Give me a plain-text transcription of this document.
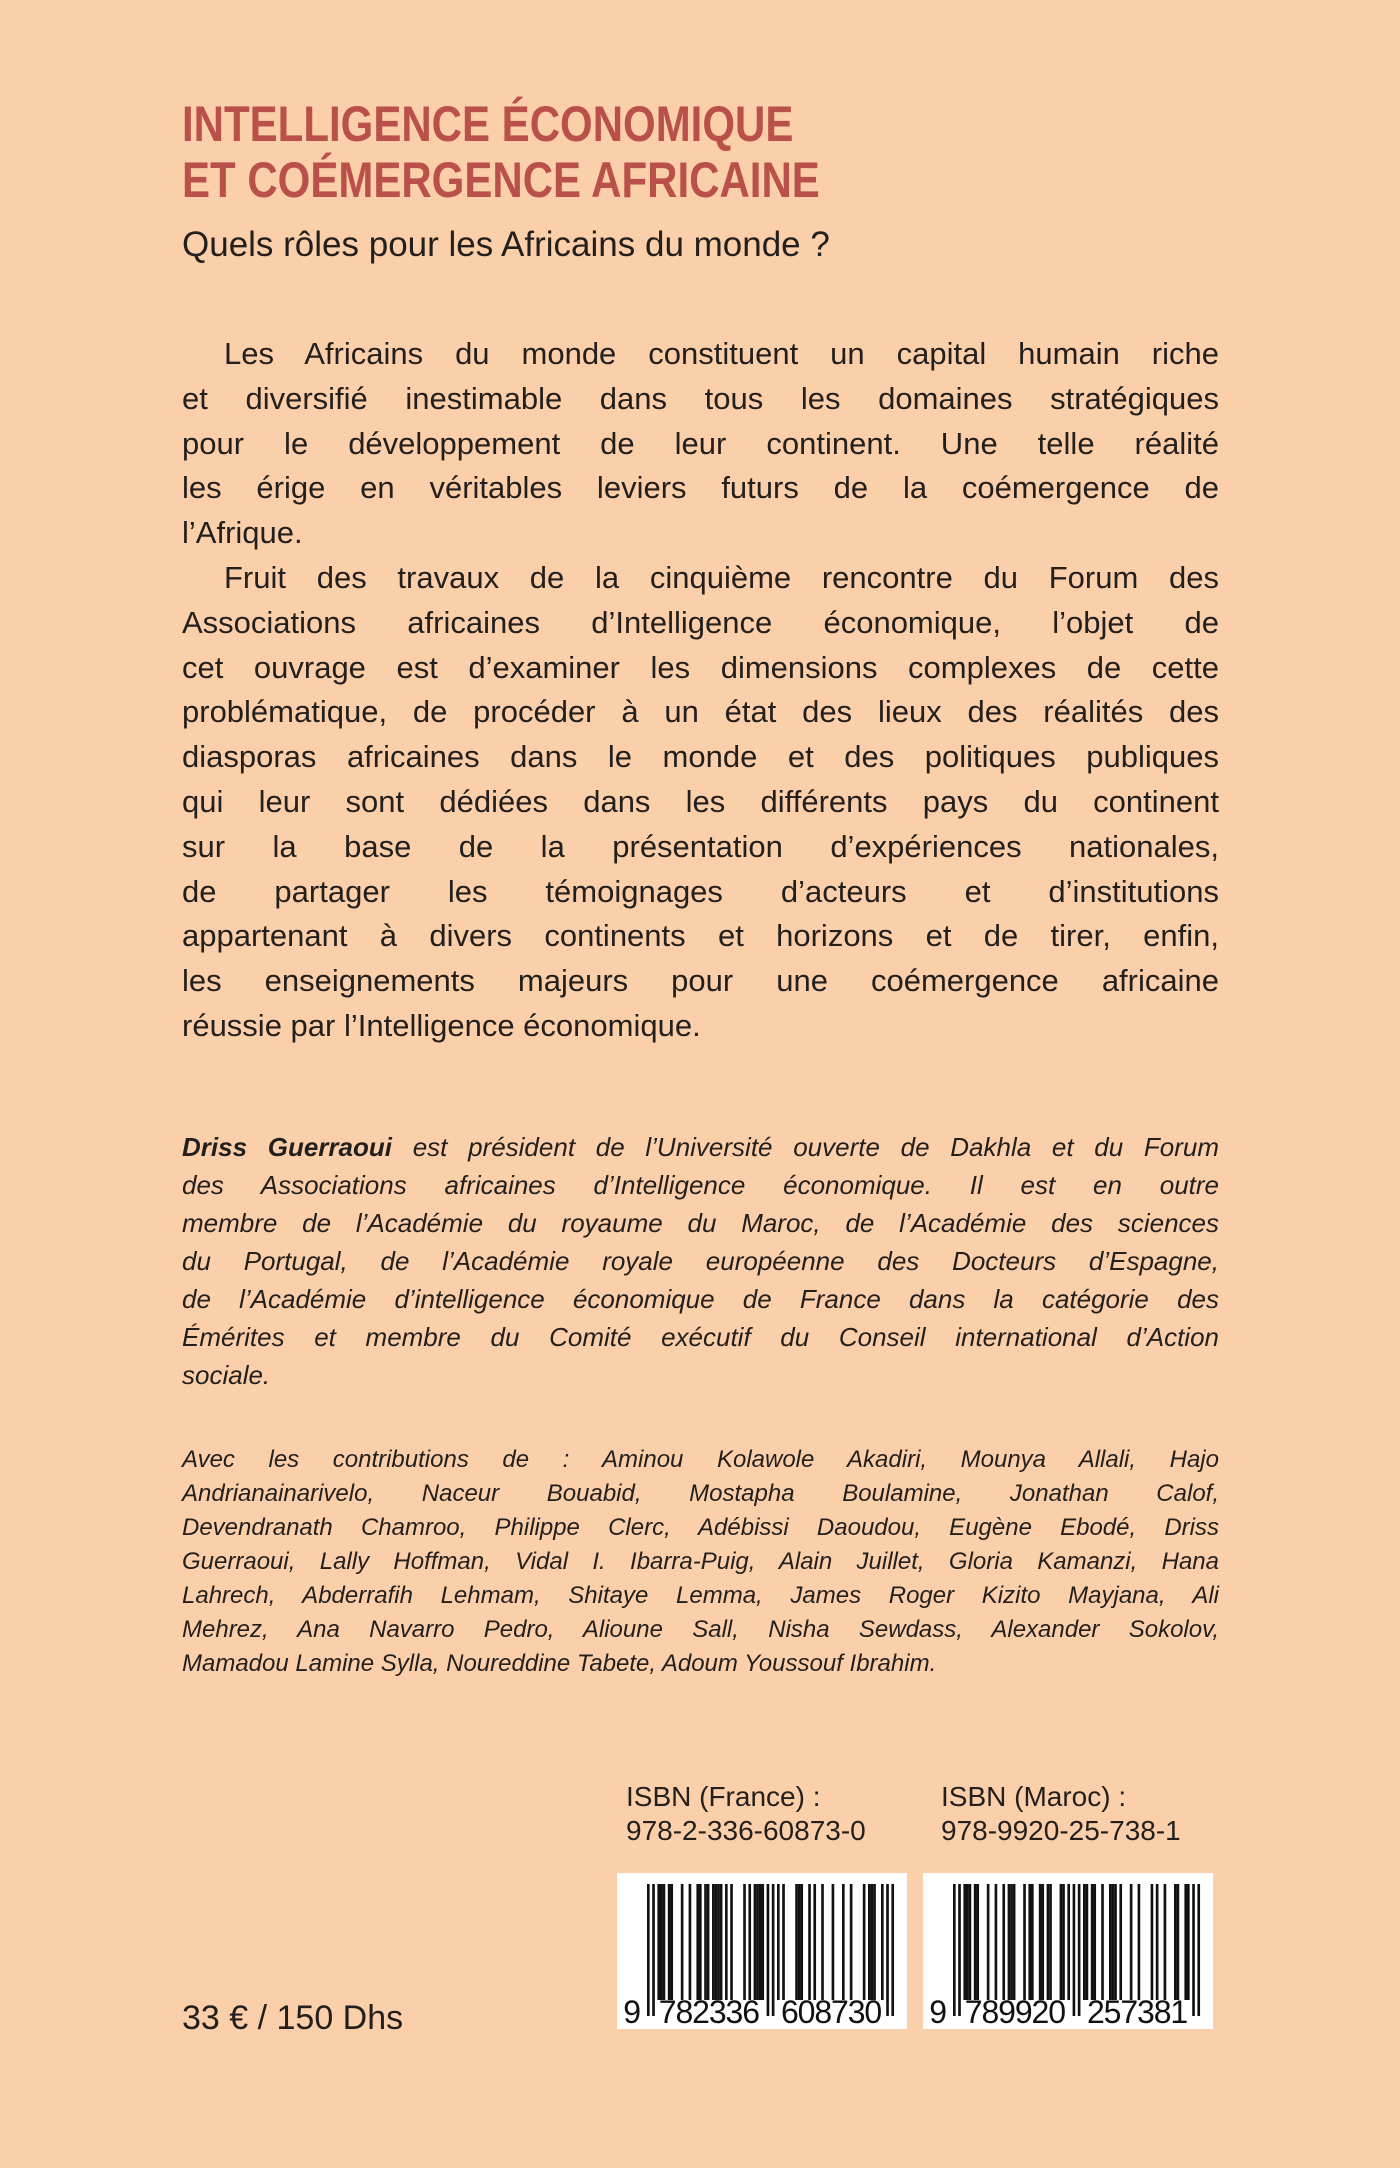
INTELLIGENCE ÉCONOMIQUE
ET COÉMERGENCE AFRICAINE
Quels rôles pour les Africains du monde ?
Les Africains du monde constituent un capital humain riche
et diversifié inestimable dans tous les domaines stratégiques
pour le développement de leur continent. Une telle réalité
les érige en véritables leviers futurs de la coémergence de
l’Afrique.
Fruit des travaux de la cinquième rencontre du Forum des
Associations africaines d’Intelligence économique, l’objet de
cet ouvrage est d’examiner les dimensions complexes de cette
problématique, de procéder à un état des lieux des réalités des
diasporas africaines dans le monde et des politiques publiques
qui leur sont dédiées dans les différents pays du continent
sur la base de la présentation d’expériences nationales,
de partager les témoignages d’acteurs et d’institutions
appartenant à divers continents et horizons et de tirer, enfin,
les enseignements majeurs pour une coémergence africaine
réussie par l’Intelligence économique.
Driss Guerraoui est président de l’Université ouverte de Dakhla et du Forum
des Associations africaines d’Intelligence économique. Il est en outre
membre de l’Académie du royaume du Maroc, de l’Académie des sciences
du Portugal, de l’Académie royale européenne des Docteurs d’Espagne,
de l’Académie d’intelligence économique de France dans la catégorie des
Émérites et membre du Comité exécutif du Conseil international d’Action
sociale.
Avec les contributions de : Aminou Kolawole Akadiri, Mounya Allali, Hajo
Andrianainarivelo, Naceur Bouabid, Mostapha Boulamine, Jonathan Calof,
Devendranath Chamroo, Philippe Clerc, Adébissi Daoudou, Eugène Ebodé, Driss
Guerraoui, Lally Hoffman, Vidal I. Ibarra-Puig, Alain Juillet, Gloria Kamanzi, Hana
Lahrech, Abderrafih Lehmam, Shitaye Lemma, James Roger Kizito Mayjana, Ali
Mehrez, Ana Navarro Pedro, Alioune Sall, Nisha Sewdass, Alexander Sokolov,
Mamadou Lamine Sylla, Noureddine Tabete, Adoum Youssouf Ibrahim.
ISBN (France) :
978-2-336-60873-0
ISBN (Maroc) :
978-9920-25-738-1
9 782336 608730 9 789920 257381
33 € / 150 Dhs
